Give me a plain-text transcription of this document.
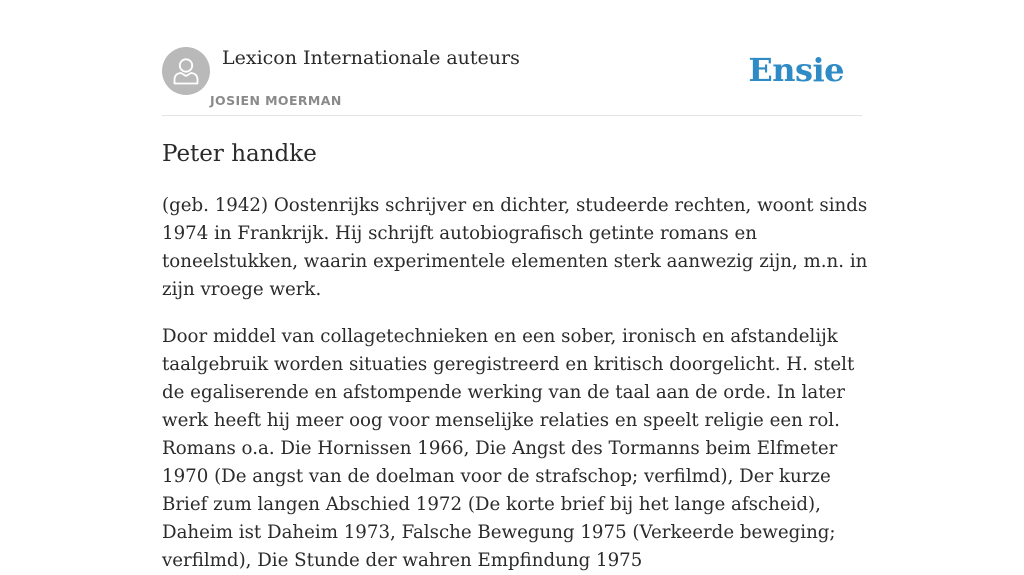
Lexicon Internationale auteurs
JOSIEN MOERMAN
Ensie
Peter handke

(geb. 1942) Oostenrijks schrijver en dichter, studeerde rechten, woont sinds 1974 in Frankrijk. Hij schrijft autobiografisch getinte romans en toneelstukken, waarin experimentele elementen sterk aanwezig zijn, m.n. in zijn vroege werk.

Door middel van collagetechnieken en een sober, ironisch en afstandelijk taalgebruik worden situaties geregistreerd en kritisch doorgelicht. H. stelt de egaliserende en afstompende werking van de taal aan de orde. In later werk heeft hij meer oog voor menselijke relaties en speelt religie een rol. Romans o.a. Die Hornissen 1966, Die Angst des Tormanns beim Elfmeter 1970 (De angst van de doelman voor de strafschop; verfilmd), Der kurze Brief zum langen Abschied 1972 (De korte brief bij het lange afscheid), Daheim ist Daheim 1973, Falsche Bewegung 1975 (Verkeerde beweging; verfilmd), Die Stunde der wahren Empfindung 1975
